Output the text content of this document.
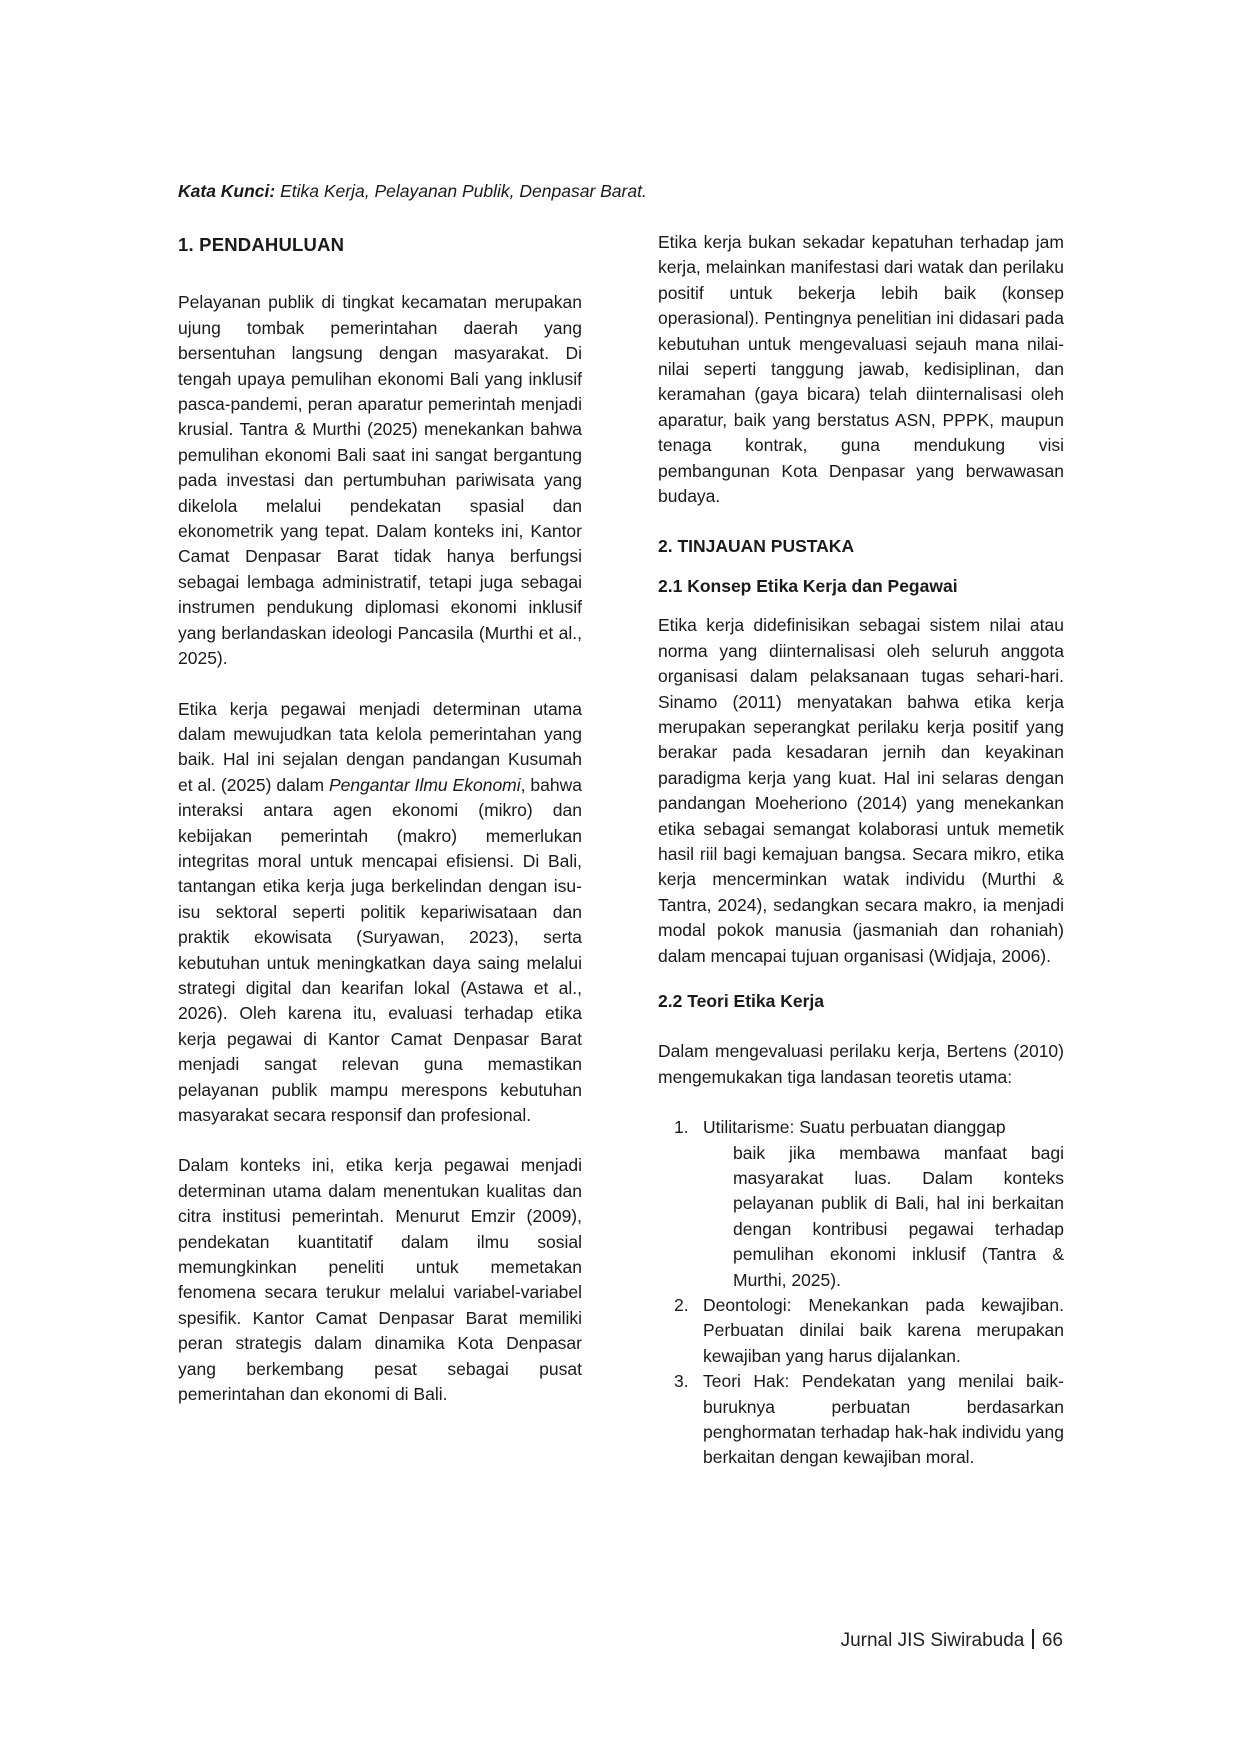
Kata Kunci: Etika Kerja, Pelayanan Publik, Denpasar Barat.
1. PENDAHULUAN

Pelayanan publik di tingkat kecamatan merupakan ujung tombak pemerintahan daerah yang bersentuhan langsung dengan masyarakat. Di tengah upaya pemulihan ekonomi Bali yang inklusif pasca-pandemi, peran aparatur pemerintah menjadi krusial. Tantra & Murthi (2025) menekankan bahwa pemulihan ekonomi Bali saat ini sangat bergantung pada investasi dan pertumbuhan pariwisata yang dikelola melalui pendekatan spasial dan ekonometrik yang tepat. Dalam konteks ini, Kantor Camat Denpasar Barat tidak hanya berfungsi sebagai lembaga administratif, tetapi juga sebagai instrumen pendukung diplomasi ekonomi inklusif yang berlandaskan ideologi Pancasila (Murthi et al., 2025).

Etika kerja pegawai menjadi determinan utama dalam mewujudkan tata kelola pemerintahan yang baik. Hal ini sejalan dengan pandangan Kusumah et al. (2025) dalam Pengantar Ilmu Ekonomi, bahwa interaksi antara agen ekonomi (mikro) dan kebijakan pemerintah (makro) memerlukan integritas moral untuk mencapai efisiensi. Di Bali, tantangan etika kerja juga berkelindan dengan isu-isu sektoral seperti politik kepariwisataan dan praktik ekowisata (Suryawan, 2023), serta kebutuhan untuk meningkatkan daya saing melalui strategi digital dan kearifan lokal (Astawa et al., 2026). Oleh karena itu, evaluasi terhadap etika kerja pegawai di Kantor Camat Denpasar Barat menjadi sangat relevan guna memastikan pelayanan publik mampu merespons kebutuhan masyarakat secara responsif dan profesional.

Dalam konteks ini, etika kerja pegawai menjadi determinan utama dalam menentukan kualitas dan citra institusi pemerintah. Menurut Emzir (2009), pendekatan kuantitatif dalam ilmu sosial memungkinkan peneliti untuk memetakan fenomena secara terukur melalui variabel-variabel spesifik. Kantor Camat Denpasar Barat memiliki peran strategis dalam dinamika Kota Denpasar yang berkembang pesat sebagai pusat pemerintahan dan ekonomi di Bali.

Etika kerja bukan sekadar kepatuhan terhadap jam kerja, melainkan manifestasi dari watak dan perilaku positif untuk bekerja lebih baik (konsep operasional). Pentingnya penelitian ini didasari pada kebutuhan untuk mengevaluasi sejauh mana nilai-nilai seperti tanggung jawab, kedisiplinan, dan keramahan (gaya bicara) telah diinternalisasi oleh aparatur, baik yang berstatus ASN, PPPK, maupun tenaga kontrak, guna mendukung visi pembangunan Kota Denpasar yang berwawasan budaya.

2. TINJAUAN PUSTAKA
2.1 Konsep Etika Kerja dan Pegawai

Etika kerja didefinisikan sebagai sistem nilai atau norma yang diinternalisasi oleh seluruh anggota organisasi dalam pelaksanaan tugas sehari-hari. Sinamo (2011) menyatakan bahwa etika kerja merupakan seperangkat perilaku kerja positif yang berakar pada kesadaran jernih dan keyakinan paradigma kerja yang kuat. Hal ini selaras dengan pandangan Moeheriono (2014) yang menekankan etika sebagai semangat kolaborasi untuk memetik hasil riil bagi kemajuan bangsa. Secara mikro, etika kerja mencerminkan watak individu (Murthi & Tantra, 2024), sedangkan secara makro, ia menjadi modal pokok manusia (jasmaniah dan rohaniah) dalam mencapai tujuan organisasi (Widjaja, 2006).

2.2 Teori Etika Kerja

Dalam mengevaluasi perilaku kerja, Bertens (2010) mengemukakan tiga landasan teoretis utama:

1. Utilitarisme: Suatu perbuatan dianggap
baik jika membawa manfaat bagi masyarakat luas. Dalam konteks pelayanan publik di Bali, hal ini berkaitan dengan kontribusi pegawai terhadap pemulihan ekonomi inklusif (Tantra & Murthi, 2025).
2. Deontologi: Menekankan pada kewajiban. Perbuatan dinilai baik karena merupakan kewajiban yang harus dijalankan.
3. Teori Hak: Pendekatan yang menilai baik-buruknya perbuatan berdasarkan penghormatan terhadap hak-hak individu yang berkaitan dengan kewajiban moral.
Jurnal JIS Siwirabuda 66
